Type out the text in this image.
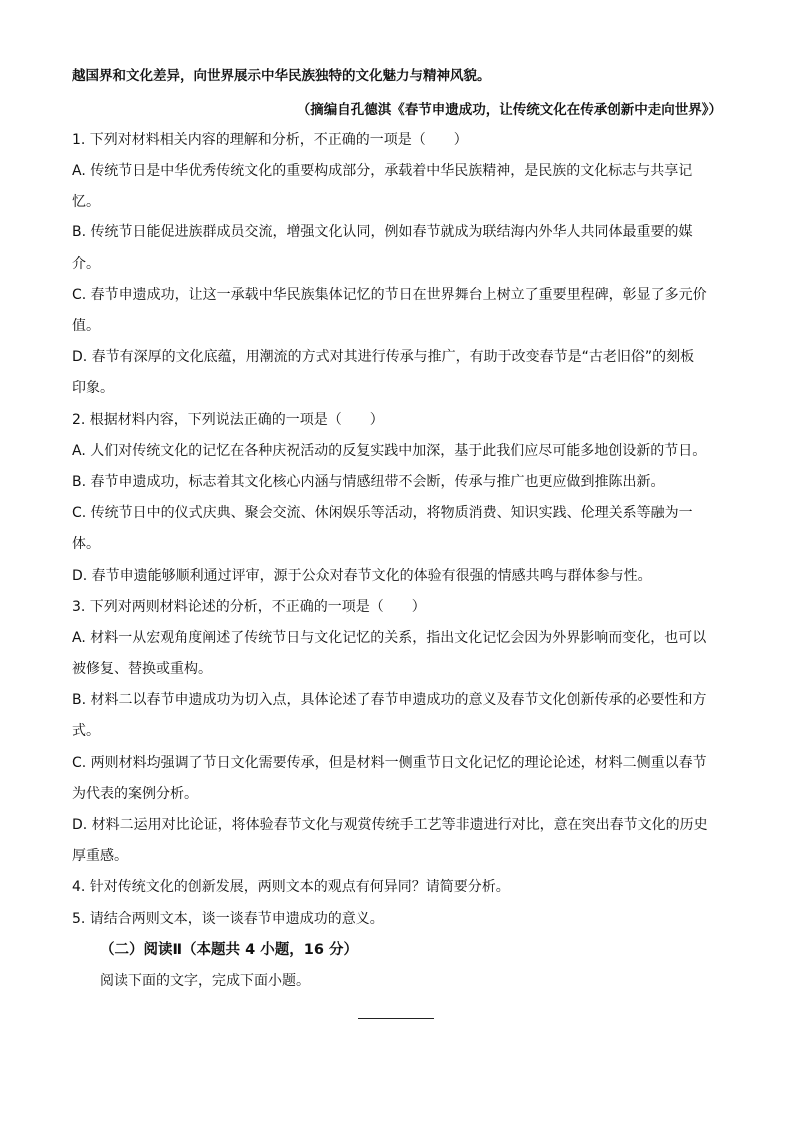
越国界和文化差异，向世界展示中华民族独特的文化魅力与精神风貌。
（摘编自孔德淇《春节申遗成功，让传统文化在传承创新中走向世界》）
1. 下列对材料相关内容的理解和分析，不正确的一项是（　　）
A. 传统节日是中华优秀传统文化的重要构成部分，承载着中华民族精神，是民族的文化标志与共享记
忆。
B. 传统节日能促进族群成员交流，增强文化认同，例如春节就成为联结海内外华人共同体最重要的媒
介。
C. 春节申遗成功，让这一承载中华民族集体记忆的节日在世界舞台上树立了重要里程碑，彰显了多元价
值。
D. 春节有深厚的文化底蕴，用潮流的方式对其进行传承与推广，有助于改变春节是“古老旧俗”的刻板
印象。
2. 根据材料内容，下列说法正确的一项是（　　）
A. 人们对传统文化的记忆在各种庆祝活动的反复实践中加深，基于此我们应尽可能多地创设新的节日。
B. 春节申遗成功，标志着其文化核心内涵与情感纽带不会断，传承与推广也更应做到推陈出新。
C. 传统节日中的仪式庆典、聚会交流、休闲娱乐等活动，将物质消费、知识实践、伦理关系等融为一
体。
D. 春节申遗能够顺利通过评审，源于公众对春节文化的体验有很强的情感共鸣与群体参与性。
3. 下列对两则材料论述的分析，不正确的一项是（　　）
A. 材料一从宏观角度阐述了传统节日与文化记忆的关系，指出文化记忆会因为外界影响而变化，也可以
被修复、替换或重构。
B. 材料二以春节申遗成功为切入点，具体论述了春节申遗成功的意义及春节文化创新传承的必要性和方
式。
C. 两则材料均强调了节日文化需要传承，但是材料一侧重节日文化记忆的理论论述，材料二侧重以春节
为代表的案例分析。
D. 材料二运用对比论证，将体验春节文化与观赏传统手工艺等非遗进行对比，意在突出春节文化的历史
厚重感。
4. 针对传统文化的创新发展，两则文本的观点有何异同？请简要分析。
5. 请结合两则文本，谈一谈春节申遗成功的意义。
（二）阅读Ⅱ（本题共 4 小题，16 分）
阅读下面的文字，完成下面小题。
